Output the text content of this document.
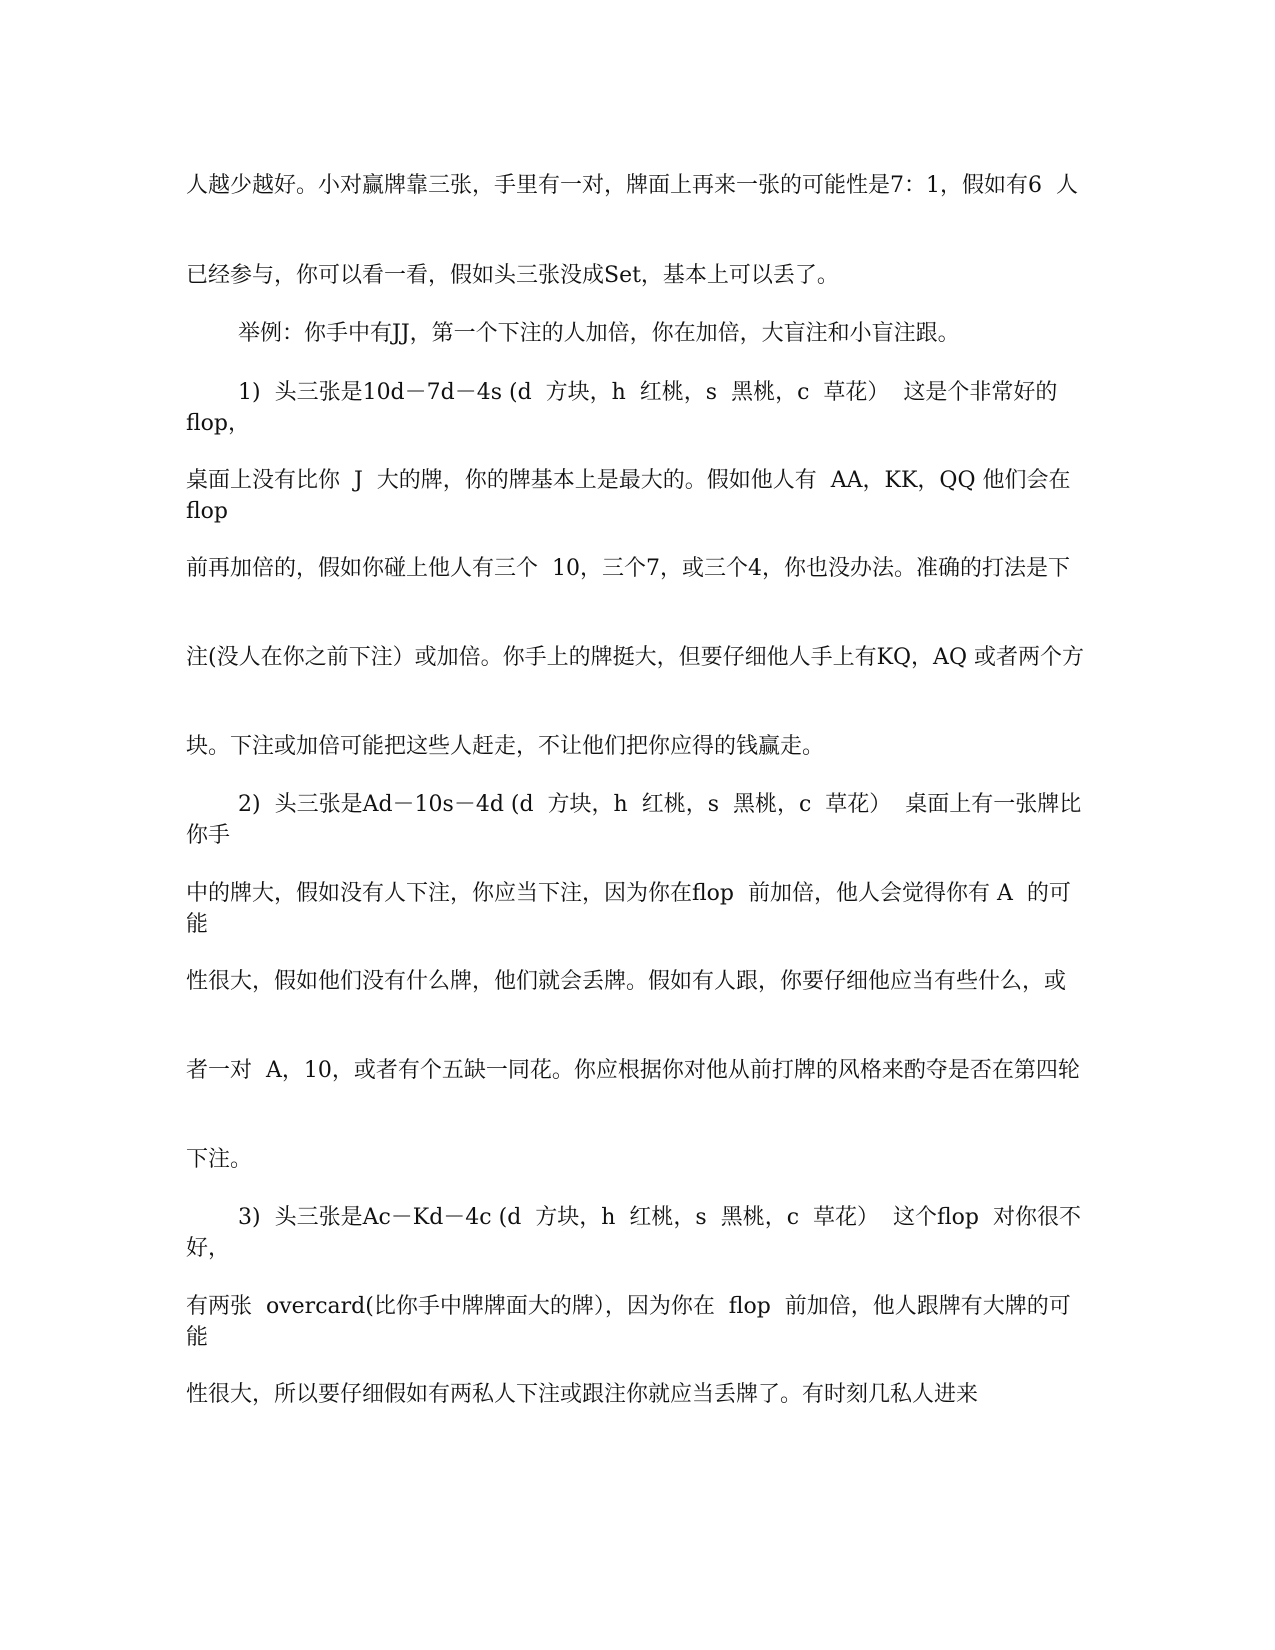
人越少越好。小对赢牌靠三张，手里有一对，牌面上再来一张的可能性是7：1，假如有6  人

已经参与，你可以看一看，假如头三张没成Set，基本上可以丢了。

举例：你手中有JJ，第一个下注的人加倍，你在加倍，大盲注和小盲注跟。

1)  头三张是10d－7d－4s (d  方块，h  红桃，s  黑桃，c  草花）  这是个非常好的  flop，

桌面上没有比你  J  大的牌，你的牌基本上是最大的。假如他人有  AA，KK，QQ 他们会在flop

前再加倍的，假如你碰上他人有三个  10，三个7，或三个4，你也没办法。准确的打法是下

注(没人在你之前下注）或加倍。你手上的牌挺大，但要仔细他人手上有KQ，AQ 或者两个方

块。下注或加倍可能把这些人赶走，不让他们把你应得的钱赢走。

2)  头三张是Ad－10s－4d (d  方块，h  红桃，s  黑桃，c  草花）  桌面上有一张牌比你手

中的牌大，假如没有人下注，你应当下注，因为你在flop  前加倍，他人会觉得你有 A  的可能

性很大，假如他们没有什么牌，他们就会丢牌。假如有人跟，你要仔细他应当有些什么，或

者一对  A，10，或者有个五缺一同花。你应根据你对他从前打牌的风格来酌夺是否在第四轮

下注。

3)  头三张是Ac－Kd－4c (d  方块，h  红桃，s  黑桃，c  草花）  这个flop  对你很不好，

有两张  overcard(比你手中牌牌面大的牌），因为你在  flop  前加倍，他人跟牌有大牌的可能

性很大，所以要仔细假如有两私人下注或跟注你就应当丢牌了。有时刻几私人进来
